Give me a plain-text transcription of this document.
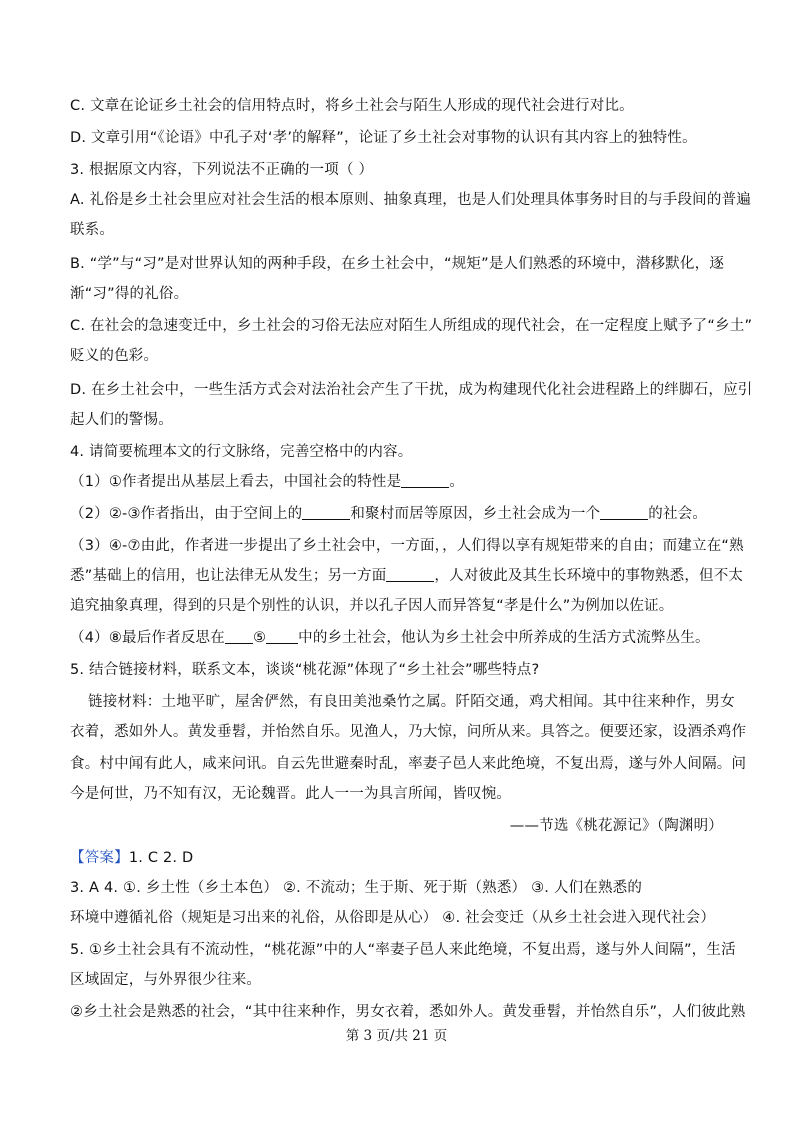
C. 文章在论证乡土社会的信用特点时，将乡土社会与陌生人形成的现代社会进行对比。
D. 文章引用“《论语》中孔子对‘孝’的解释”，论证了乡土社会对事物的认识有其内容上的独特性。
3. 根据原文内容，下列说法不正确的一项（ ）
A. 礼俗是乡土社会里应对社会生活的根本原则、抽象真理，也是人们处理具体事务时目的与手段间的普遍
联系。
B. “学”与“习”是对世界认知的两种手段，在乡土社会中，“规矩”是人们熟悉的环境中，潜移默化，逐
渐“习”得的礼俗。
C. 在社会的急速变迁中，乡土社会的习俗无法应对陌生人所组成的现代社会，在一定程度上赋予了“乡土”
贬义的色彩。
D. 在乡土社会中，一些生活方式会对法治社会产生了干扰，成为构建现代化社会进程路上的绊脚石，应引
起人们的警惕。
4. 请简要梳理本文的行文脉络，完善空格中的内容。
（1）①作者提出从基层上看去，中国社会的特性是	。
（2）②-③作者指出，由于空间上的	和聚村而居等原因，乡土社会成为一个	的社会。
（3）④-⑦由此，作者进一步提出了乡土社会中，一方面，，人们得以享有规矩带来的自由；而建立在“熟
悉”基础上的信用，也让法律无从发生；另一方面	，人对彼此及其生长环境中的事物熟悉，但不太
追究抽象真理，得到的只是个别性的认识，并以孔子因人而异答复“孝是什么”为例加以佐证。
（4）⑧最后作者反思在 ⑤ 中的乡土社会，他认为乡土社会中所养成的生活方式流弊丛生。
5. 结合链接材料，联系文本，谈谈“桃花源”体现了“乡土社会”哪些特点?
链接材料：土地平旷，屋舍俨然，有良田美池桑竹之属。阡陌交通，鸡犬相闻。其中往来种作，男女
衣着，悉如外人。黄发垂髫，并怡然自乐。见渔人，乃大惊，问所从来。具答之。便要还家，设酒杀鸡作
食。村中闻有此人，咸来问讯。自云先世避秦时乱，率妻子邑人来此绝境，不复出焉，遂与外人间隔。问
今是何世，乃不知有汉，无论魏晋。此人一一为具言所闻，皆叹惋。
——节选《桃花源记》（陶渊明）
【答案】1. C 2. D
3. A 4. ①. 乡土性（乡土本色） ②. 不流动；生于斯、死于斯（熟悉） ③. 人们在熟悉的
环境中遵循礼俗（规矩是习出来的礼俗，从俗即是从心） ④. 社会变迁（从乡土社会进入现代社会）
5. ①乡土社会具有不流动性，“桃花源”中的人“率妻子邑人来此绝境，不复出焉，遂与外人间隔”，生活
区域固定，与外界很少往来。
②乡土社会是熟悉的社会，“其中往来种作，男女衣着，悉如外人。黄发垂髫，并怡然自乐”，人们彼此熟
第 3 页/共 21 页
